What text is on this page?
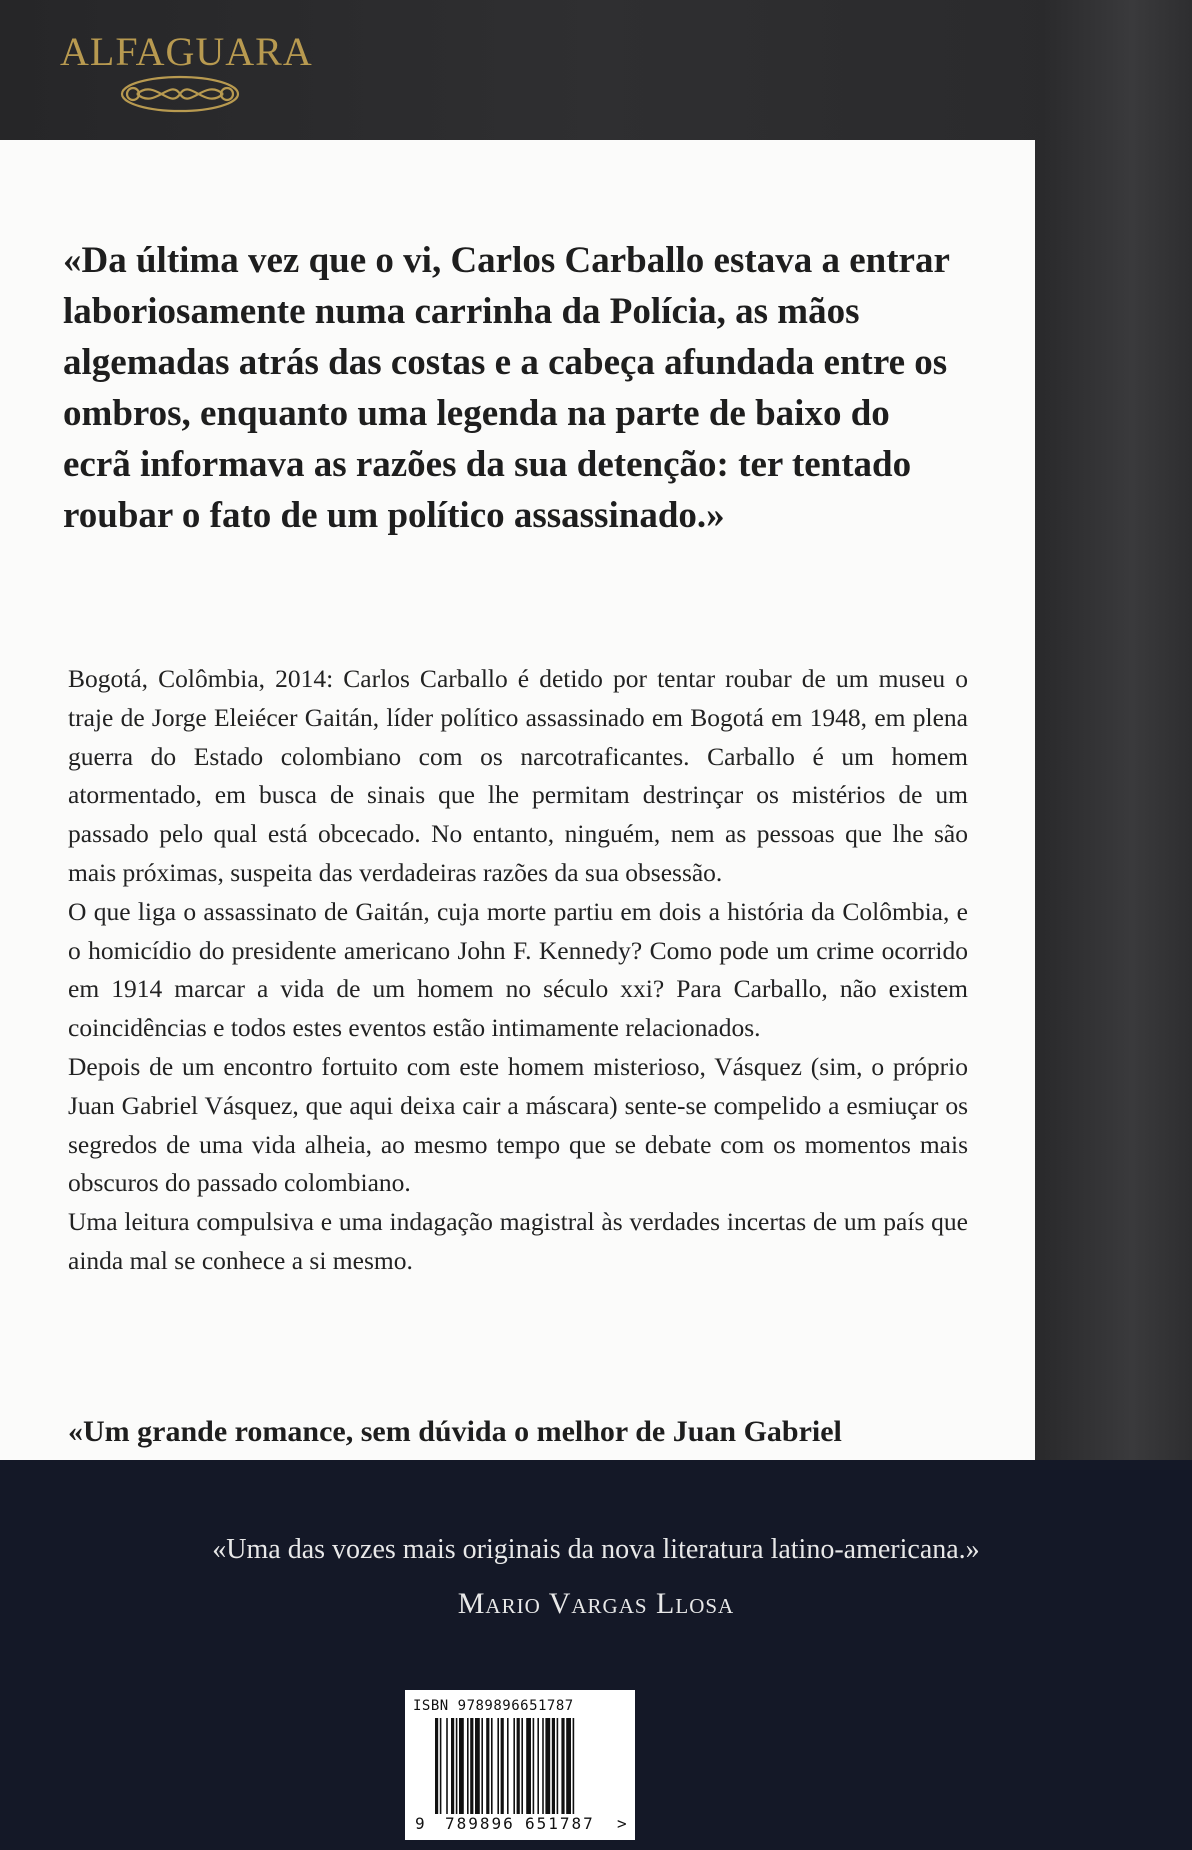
ALFAGUARA

«Da última vez que o vi, Carlos Carballo estava a entrar laboriosamente numa carrinha da Polícia, as mãos algemadas atrás das costas e a cabeça afundada entre os ombros, enquanto uma legenda na parte de baixo do ecrã informava as razões da sua detenção: ter tentado roubar o fato de um político assassinado.»

Bogotá, Colômbia, 2014: Carlos Carballo é detido por tentar roubar de um museu o traje de Jorge Eleiécer Gaitán, líder político assassinado em Bogotá em 1948, em plena guerra do Estado colombiano com os narcotraficantes. Carballo é um homem atormentado, em busca de sinais que lhe permitam destrinçar os mistérios de um passado pelo qual está obcecado. No entanto, ninguém, nem as pessoas que lhe são mais próximas, suspeita das verdadeiras razões da sua obsessão.

O que liga o assassinato de Gaitán, cuja morte partiu em dois a história da Colômbia, e o homicídio do presidente americano John F. Kennedy? Como pode um crime ocorrido em 1914 marcar a vida de um homem no século xxi? Para Carballo, não existem coincidências e todos estes eventos estão intimamente relacionados.

Depois de um encontro fortuito com este homem misterioso, Vásquez (sim, o próprio Juan Gabriel Vásquez, que aqui deixa cair a máscara) sente-se compelido a esmiuçar os segredos de uma vida alheia, ao mesmo tempo que se debate com os momentos mais obscuros do passado colombiano.

Uma leitura compulsiva e uma indagação magistral às verdades incertas de um país que ainda mal se conhece a si mesmo.

«Um grande romance, sem dúvida o melhor de Juan Gabriel

«Uma das vozes mais originais da nova literatura latino-americana.»
Mario Vargas Llosa
ISBN 9789896651787
9 789896 651787 >
